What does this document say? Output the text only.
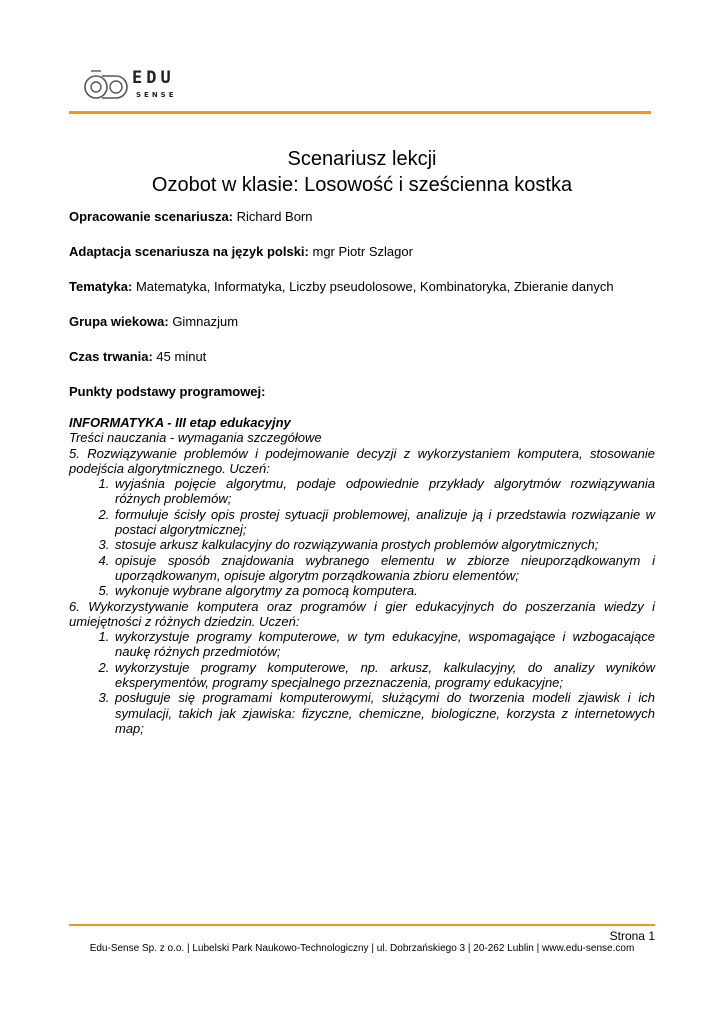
EDU
SENSE
Scenariusz lekcji
Ozobot w klasie: Losowość i sześcienna kostka
Opracowanie scenariusza: Richard Born
Adaptacja scenariusza na język polski: mgr Piotr Szlagor
Tematyka: Matematyka, Informatyka, Liczby pseudolosowe, Kombinatoryka, Zbieranie danych
Grupa wiekowa: Gimnazjum
Czas trwania: 45 minut
Punkty podstawy programowej:
INFORMATYKA - III etap edukacyjny
Treści nauczania - wymagania szczegółowe
5. Rozwiązywanie problemów i podejmowanie decyzji z wykorzystaniem komputera, stosowanie podejścia algorytmicznego. Uczeń:
1. wyjaśnia pojęcie algorytmu, podaje odpowiednie przykłady algorytmów rozwiązywania różnych problemów;
2. formułuje ścisły opis prostej sytuacji problemowej, analizuje ją i przedstawia rozwiązanie w postaci algorytmicznej;
3. stosuje arkusz kalkulacyjny do rozwiązywania prostych problemów algorytmicznych;
4. opisuje sposób znajdowania wybranego elementu w zbiorze nieuporządkowanym i uporządkowanym, opisuje algorytm porządkowania zbioru elementów;
5. wykonuje wybrane algorytmy za pomocą komputera.
6. Wykorzystywanie komputera oraz programów i gier edukacyjnych do poszerzania wiedzy i umiejętności z różnych dziedzin. Uczeń:
1. wykorzystuje programy komputerowe, w tym edukacyjne, wspomagające i wzbogacające naukę różnych przedmiotów;
2. wykorzystuje programy komputerowe, np. arkusz, kalkulacyjny, do analizy wyników eksperymentów, programy specjalnego przeznaczenia, programy edukacyjne;
3. posługuje się programami komputerowymi, służącymi do tworzenia modeli zjawisk i ich symulacji, takich jak zjawiska: fizyczne, chemiczne, biologiczne, korzysta z internetowych map;
Strona 1
Edu-Sense Sp. z o.o. | Lubelski Park Naukowo-Technologiczny | ul. Dobrzańskiego 3 | 20-262 Lublin | www.edu-sense.com
